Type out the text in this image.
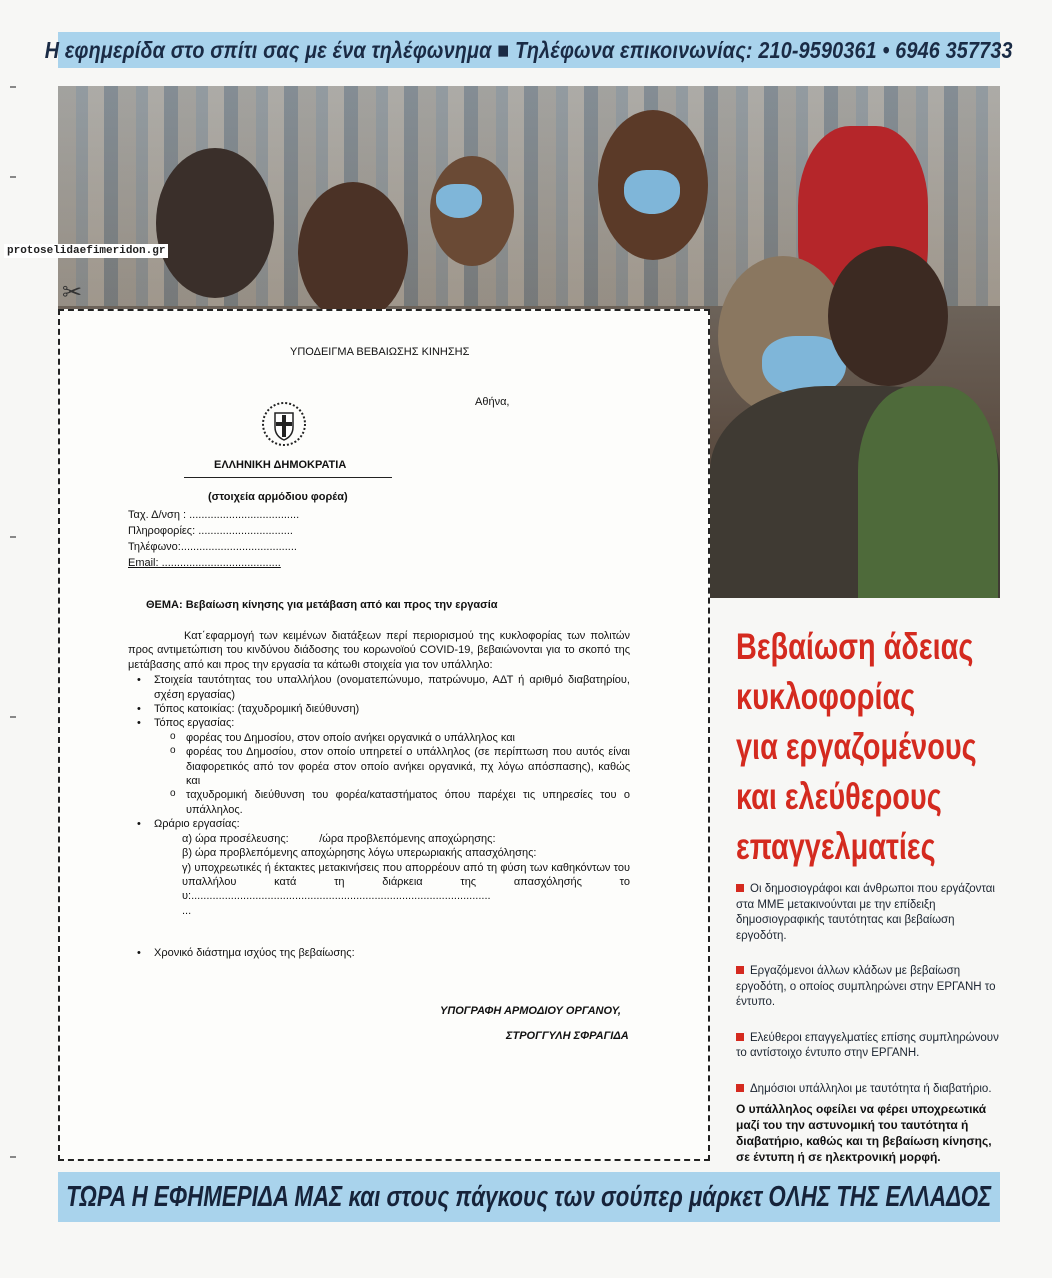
Η εφημερίδα στο σπίτι σας με ένα τηλέφωνημα ■ Τηλέφωνα επικοινωνίας: 210-9590361 • 6946 357733
protoselidaefimeridon.gr
✂
ΥΠΟΔΕΙΓΜΑ ΒΕΒΑΙΩΣΗΣ ΚΙΝΗΣΗΣ
Αθήνα,
ΕΛΛΗΝΙΚΗ ΔΗΜΟΚΡΑΤΙΑ
(στοιχεία αρμόδιου φορέα)
Ταχ. Δ/νση : ....................................
Πληροφορίες: ...............................
Τηλέφωνο:......................................
Email: .......................................
ΘΕΜΑ: Βεβαίωση κίνησης για μετάβαση από και προς την εργασία

Κατ΄εφαρμογή των κειμένων διατάξεων περί περιορισμού της κυκλοφορίας των πολιτών προς αντιμετώπιση του κινδύνου διάδοσης του κορωνοϊού COVID-19, βεβαιώνονται για το σκοπό της μετάβασης από και προς την εργασία τα κάτωθι στοιχεία για τον υπάλληλο:

• Στοιχεία ταυτότητας του υπαλλήλου (ονοματεπώνυμο, πατρώνυμο, ΑΔΤ ή αριθμό διαβατηρίου, σχέση εργασίας)
• Τόπος κατοικίας: (ταχυδρομική διεύθυνση)
• Τόπος εργασίας:
o φορέας του Δημοσίου, στον οποίο ανήκει οργανικά ο υπάλληλος και
o φορέας του Δημοσίου, στον οποίο υπηρετεί ο υπάλληλος (σε περίπτωση που αυτός είναι διαφορετικός από τον φορέα στον οποίο ανήκει οργανικά, πχ λόγω απόσπασης), καθώς και
o ταχυδρομική διεύθυνση του φορέα/καταστήματος όπου παρέχει τις υπηρεσίες του ο υπάλληλος.
• Ωράριο εργασίας:
α) ώρα προσέλευσης:          /ώρα προβλεπόμενης αποχώρησης:
β) ώρα προβλεπόμενης αποχώρησης λόγω υπερωριακής απασχόλησης:
γ) υποχρεωτικές ή έκτακτες μετακινήσεις που απορρέουν από τη φύση των καθηκόντων του υπαλλήλου κατά τη διάρκεια της απασχόλησής του:..................................................................................................
...
• Χρονικό διάστημα ισχύος της βεβαίωσης:
ΥΠΟΓΡΑΦΗ ΑΡΜΟΔΙΟΥ ΟΡΓΑΝΟΥ,
ΣΤΡΟΓΓΥΛΗ ΣΦΡΑΓΙΔΑ
Βεβαίωση άδειας
κυκλοφορίας
για εργαζομένους
και ελεύθερους
επαγγελματίες
Οι δημοσιογράφοι και άνθρωποι που εργάζονται στα ΜΜΕ μετακινούνται με την επίδειξη δημοσιογραφικής ταυτότητας και βεβαίωση εργοδότη.
Εργαζόμενοι άλλων κλάδων με βεβαίωση εργοδότη, ο οποίος συμπληρώνει στην ΕΡΓΑΝΗ το έντυπο.
Ελεύθεροι επαγγελματίες επίσης συμπληρώνουν το αντίστοιχο έντυπο στην ΕΡΓΑΝΗ.
Δημόσιοι υπάλληλοι με ταυτότητα ή διαβατήριο.
Ο υπάλληλος οφείλει να φέρει υποχρεωτικά μαζί του την αστυνομική του ταυτότητα ή διαβατήριο, καθώς και τη βεβαίωση κίνησης, σε έντυπη ή σε ηλεκτρονική μορφή.
ΤΩΡΑ Η ΕΦΗΜΕΡΙΔΑ ΜΑΣ και στους πάγκους των σούπερ μάρκετ ΟΛΗΣ ΤΗΣ ΕΛΛΑΔΟΣ
